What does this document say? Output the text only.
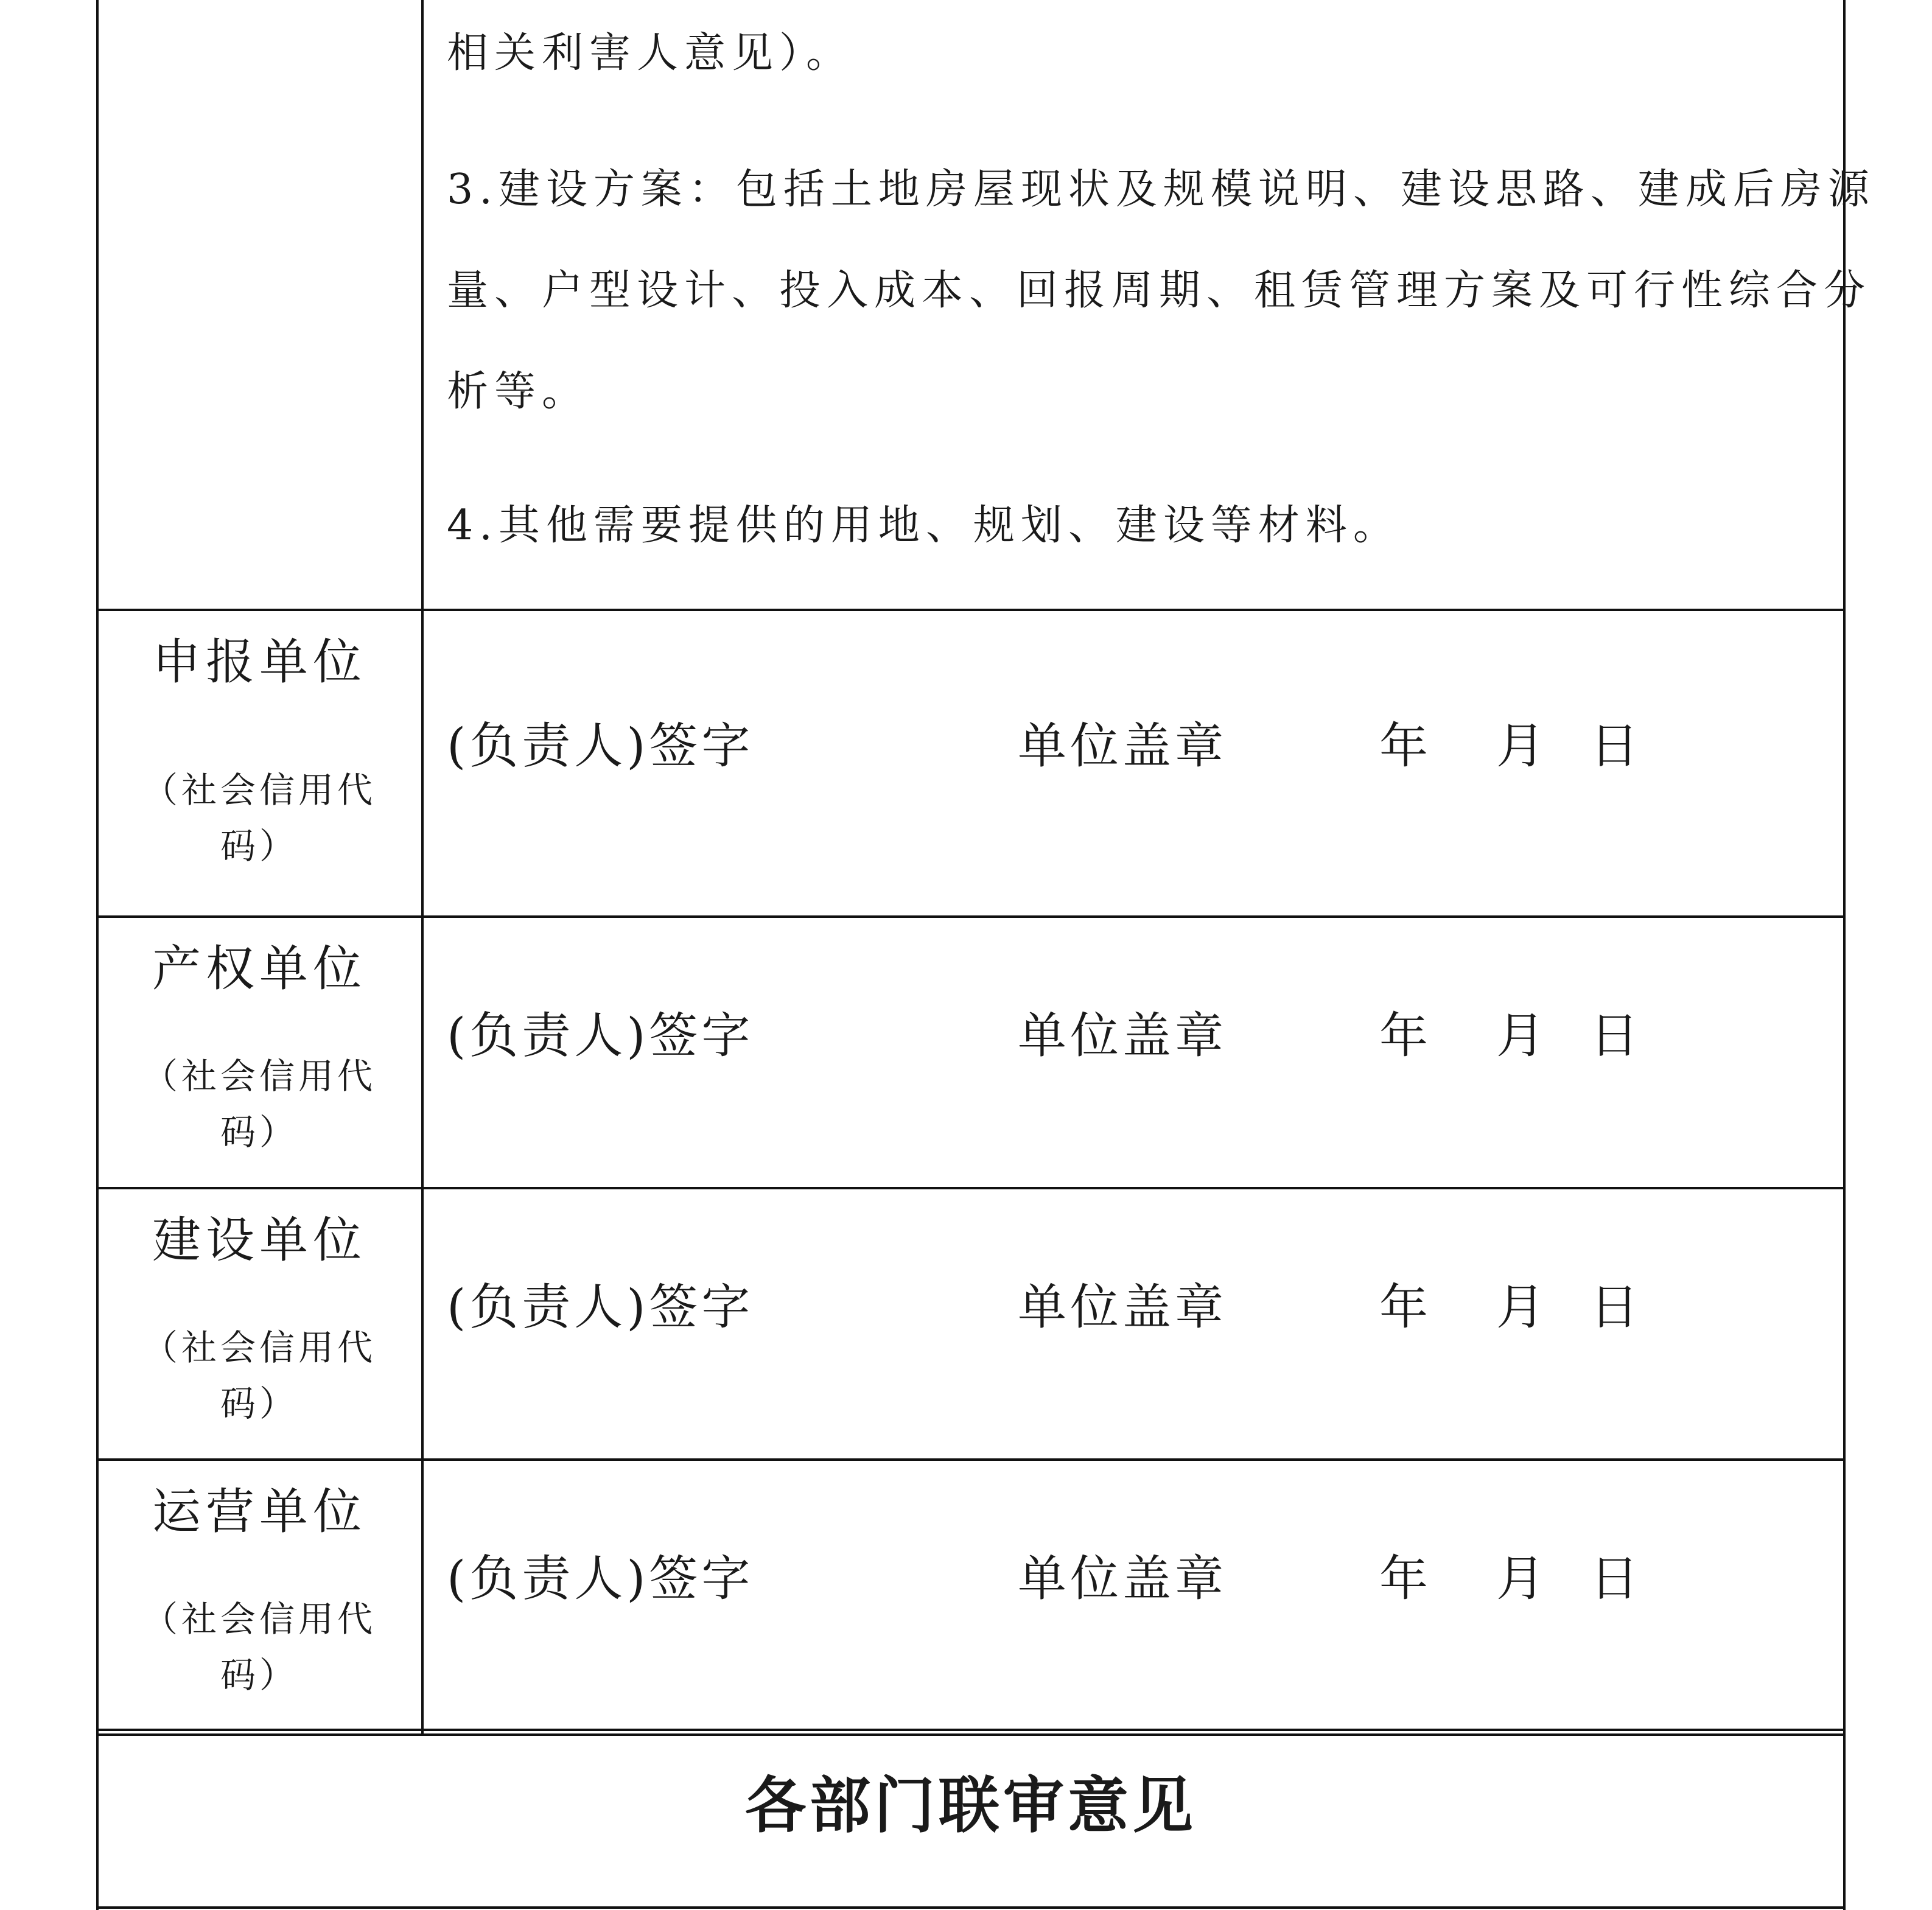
相关利害人意见）。
3.建设方案：包括土地房屋现状及规模说明、建设思路、建成后房源
量、户型设计、投入成本、回报周期、租赁管理方案及可行性综合分
析等。
4.其他需要提供的用地、规划、建设等材料。
申报单位
（社会信用代
码）
(负责人)签字	单位盖章	年 月 日
产权单位
（社会信用代
码）
(负责人)签字	单位盖章	年 月 日
建设单位
（社会信用代
码）
(负责人)签字	单位盖章	年 月 日
运营单位
（社会信用代
码）
(负责人)签字	单位盖章	年 月 日
各部门联审意见
